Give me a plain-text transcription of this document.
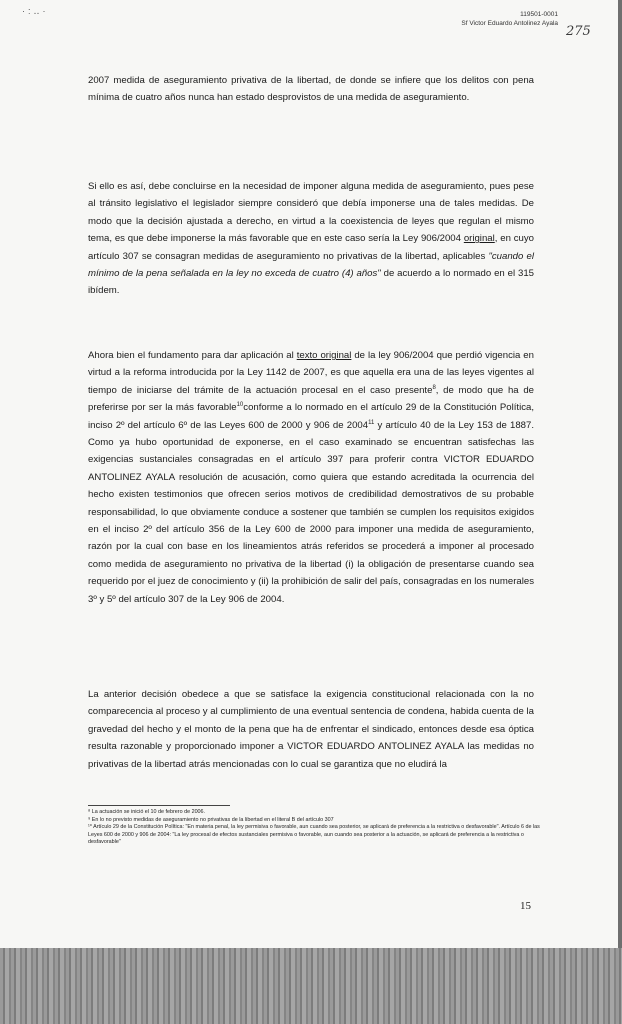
·:‥·	119501-0001
Sf Victor Eduardo Antolinez Ayala
275

2007 medida de aseguramiento privativa de la libertad, de donde se infiere que los delitos con pena mínima de cuatro años nunca han estado desprovistos de una medida de aseguramiento.

Si ello es así, debe concluirse en la necesidad de imponer alguna medida de aseguramiento, pues pese al tránsito legislativo el legislador siempre consideró que debía imponerse una de tales medidas. De modo que la decisión ajustada a derecho, en virtud a la coexistencia de leyes que regulan el mismo tema, es que debe imponerse la más favorable que en este caso sería la Ley 906/2004 original, en cuyo artículo 307 se consagran medidas de aseguramiento no privativas de la libertad, aplicables "cuando el mínimo de la pena señalada en la ley no exceda de cuatro (4) años" de acuerdo a lo normado en el 315 ibídem.

Ahora bien el fundamento para dar aplicación al texto original de la ley 906/2004 que perdió vigencia en virtud a la reforma introducida por la Ley 1142 de 2007, es que aquella era una de las leyes vigentes al tiempo de iniciarse del trámite de la actuación procesal en el caso presente$^8$, de modo que ha de preferirse por ser la más favorable$^{10}$conforme a lo normado en el artículo 29 de la Constitución Política, inciso 2º del artículo 6º de las Leyes 600 de 2000 y 906 de 2004$^{11}$ y artículo 40 de la Ley 153 de 1887. Como ya hubo oportunidad de exponerse, en el caso examinado se encuentran satisfechas las exigencias sustanciales consagradas en el artículo 397 para proferir contra VICTOR EDUARDO ANTOLINEZ AYALA resolución de acusación, como quiera que estando acreditada la ocurrencia del hecho existen testimonios que ofrecen serios motivos de credibilidad demostrativos de su probable responsabilidad, lo que obviamente conduce a sostener que también se cumplen los requisitos exigidos en el inciso 2º del artículo 356 de la Ley 600 de 2000 para imponer una medida de aseguramiento, razón por la cual con base en los lineamientos atrás referidos se procederá a imponer al procesado como medida de aseguramiento no privativa de la libertad (i) la obligación de presentarse cuando sea requerido por el juez de conocimiento y (ii) la prohibición de salir del país, consagradas en los numerales 3º y 5º del artículo 307 de la Ley 906 de 2004.

La anterior decisión obedece a que se satisface la exigencia constitucional relacionada con la no comparecencia al proceso y al cumplimiento de una eventual sentencia de condena, habida cuenta de la gravedad del hecho y el monto de la pena que ha de enfrentar el sindicado, entonces desde esa óptica resulta razonable y proporcionado imponer a VICTOR EDUARDO ANTOLINEZ AYALA las medidas no privativas de la libertad atrás mencionadas con lo cual se garantiza que no eludirá la

⁸ La actuación se inició el 10 de febrero de 2006.

⁹ En lo no previsto medidas de aseguramiento no privativas de la libertad en el literal B del artículo 307

¹⁰ Artículo 29 de la Constitución Política: "En materia penal, la ley permisiva o favorable, aun cuando sea posterior, se aplicará de preferencia a la restrictiva o desfavorable". Artículo 6 de las Leyes 600 de 2000 y 906 de 2004: "La ley procesal de efectos sustanciales permisiva o favorable, aun cuando sea posterior a la actuación, se aplicará de preferencia a la restrictiva o desfavorable"

15
